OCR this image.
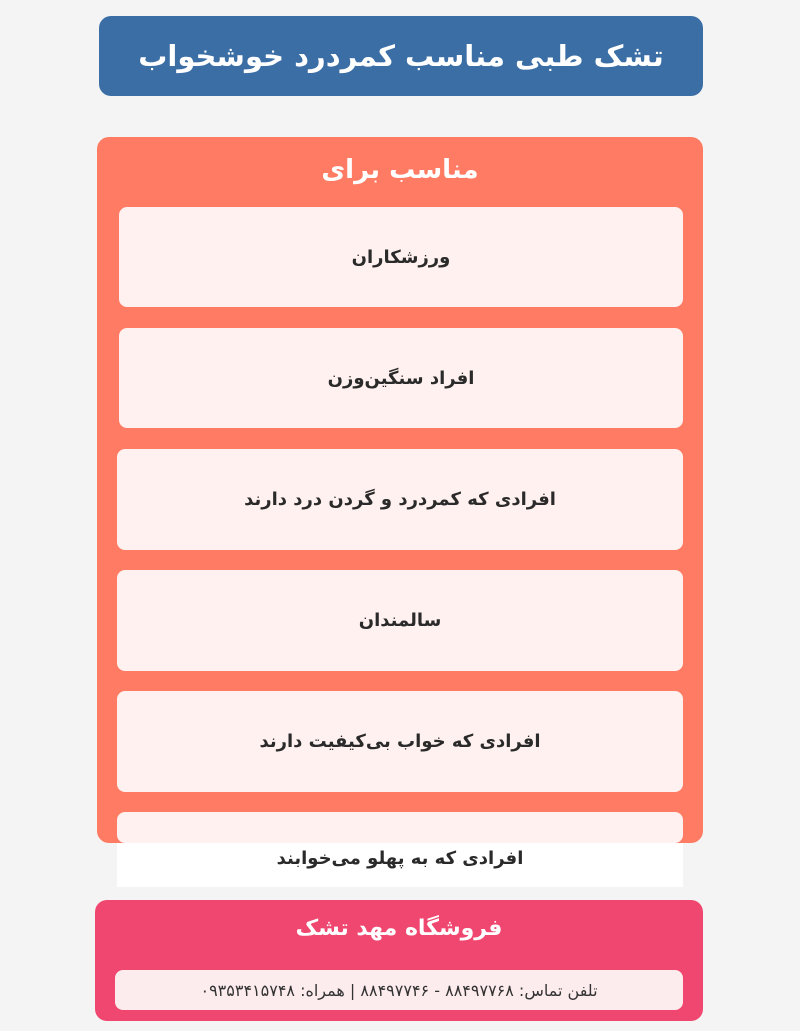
تشک طبی مناسب کمردرد خوشخواب
مناسب برای
ورزشکاران
افراد سنگین‌وزن
افرادی که کمردرد و گردن درد دارند
سالمندان
افرادی که خواب بی‌کیفیت دارند
افرادی که به پهلو می‌خوابند
فروشگاه مهد تشک
تلفن تماس: ۸۸۴۹۷۷۶۸ - ۸۸۴۹۷۷۴۶ | همراه: ۰۹۳۵۳۴۱۵۷۴۸
